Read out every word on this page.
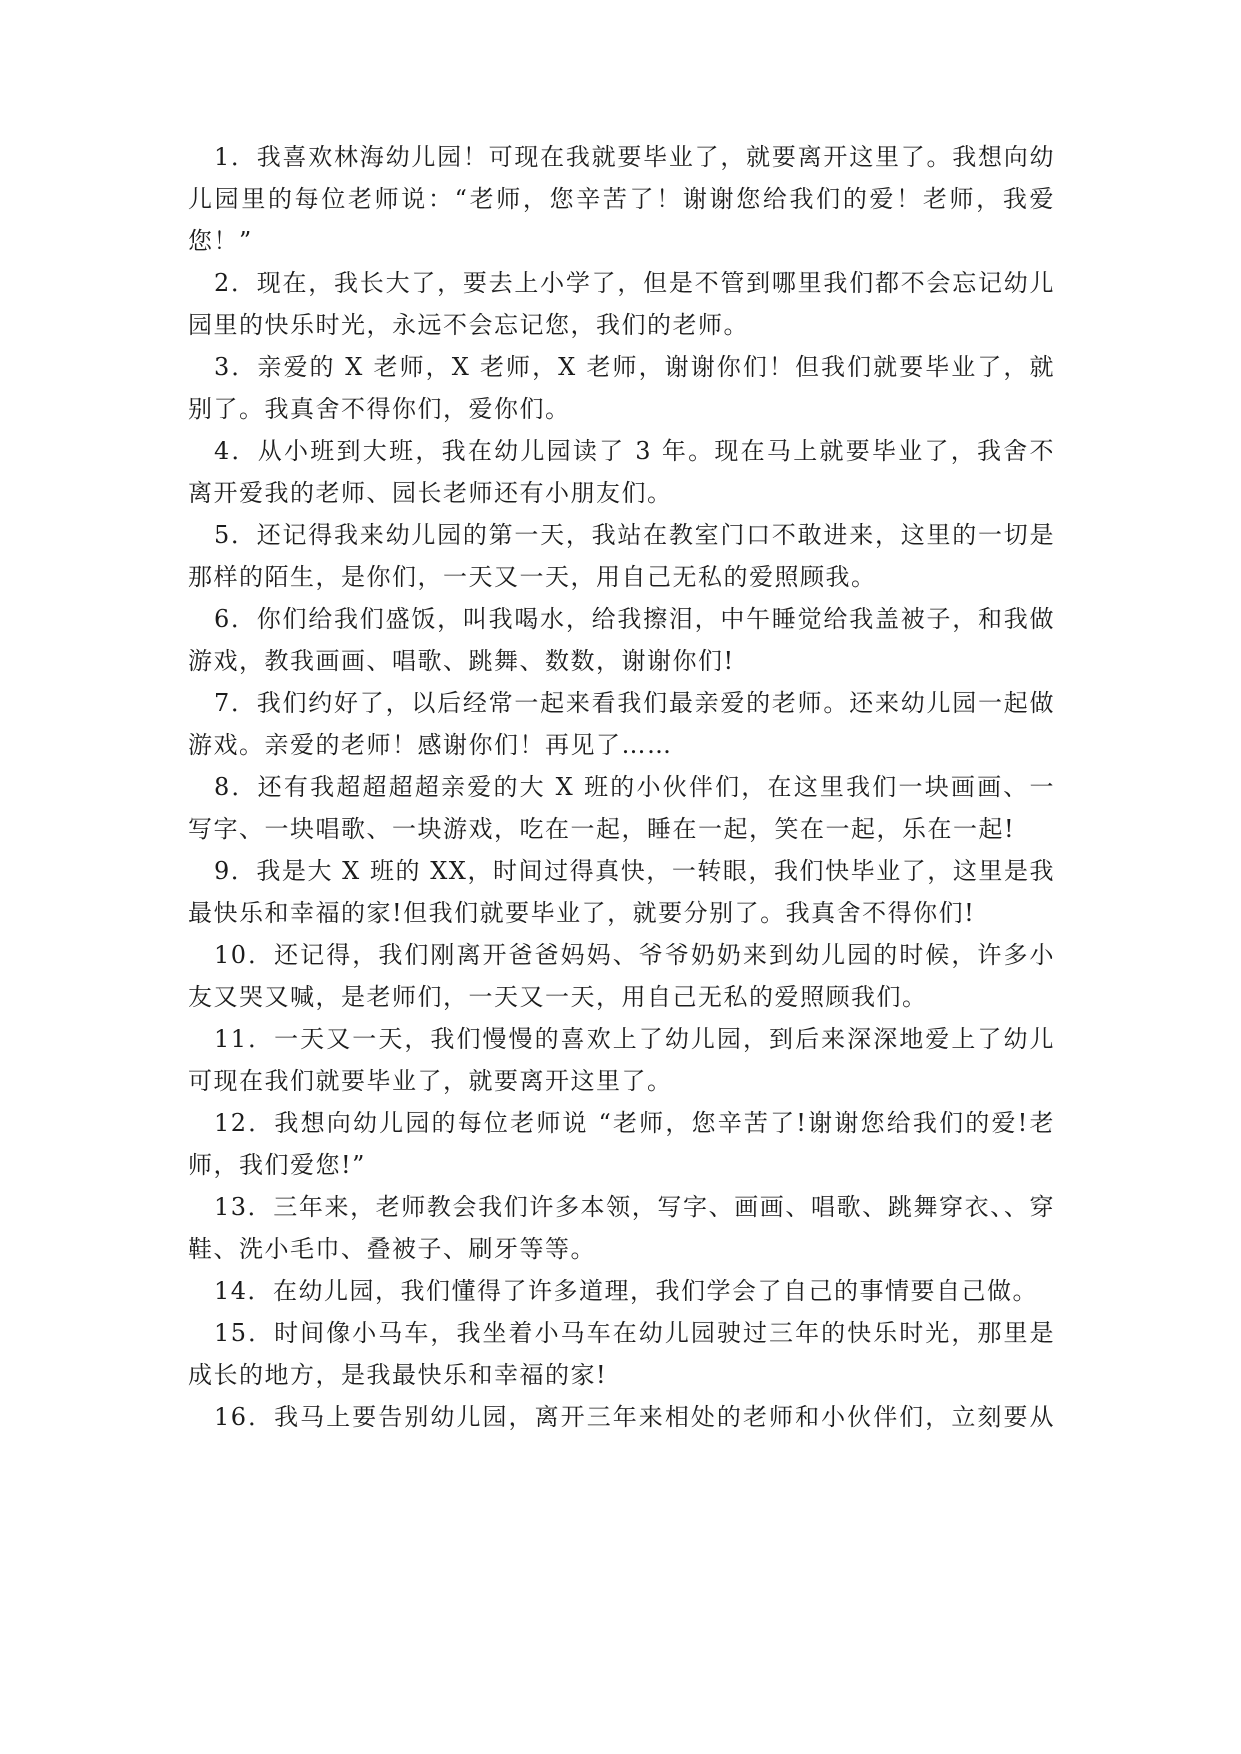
1．我喜欢林海幼儿园！可现在我就要毕业了，就要离开这里了。我想向幼
儿园里的每位老师说：“老师，您辛苦了！谢谢您给我们的爱！老师，我爱
您！”
2．现在，我长大了，要去上小学了，但是不管到哪里我们都不会忘记幼儿
园里的快乐时光，永远不会忘记您，我们的老师。
3．亲爱的 X 老师，X 老师，X 老师，谢谢你们！但我们就要毕业了，就
别了。我真舍不得你们，爱你们。
4．从小班到大班，我在幼儿园读了 3 年。现在马上就要毕业了，我舍不
离开爱我的老师、园长老师还有小朋友们。
5．还记得我来幼儿园的第一天，我站在教室门口不敢进来，这里的一切是
那样的陌生，是你们，一天又一天，用自己无私的爱照顾我。
6．你们给我们盛饭，叫我喝水，给我擦泪，中午睡觉给我盖被子，和我做
游戏，教我画画、唱歌、跳舞、数数，谢谢你们!
7．我们约好了，以后经常一起来看我们最亲爱的老师。还来幼儿园一起做
游戏。亲爱的老师！感谢你们！再见了……
8．还有我超超超超亲爱的大 X 班的小伙伴们，在这里我们一块画画、一
写字、一块唱歌、一块游戏，吃在一起，睡在一起，笑在一起，乐在一起!
9．我是大 X 班的 XX，时间过得真快，一转眼，我们快毕业了，这里是我
最快乐和幸福的家!但我们就要毕业了，就要分别了。我真舍不得你们!
10．还记得，我们刚离开爸爸妈妈、爷爷奶奶来到幼儿园的时候，许多小
友又哭又喊，是老师们，一天又一天，用自己无私的爱照顾我们。
11．一天又一天，我们慢慢的喜欢上了幼儿园，到后来深深地爱上了幼儿
可现在我们就要毕业了，就要离开这里了。
12．我想向幼儿园的每位老师说 “老师，您辛苦了!谢谢您给我们的爱!老
师，我们爱您!”
13．三年来，老师教会我们许多本领，写字、画画、唱歌、跳舞穿衣、、穿
鞋、洗小毛巾、叠被子、刷牙等等。
14．在幼儿园，我们懂得了许多道理，我们学会了自己的事情要自己做。
15．时间像小马车，我坐着小马车在幼儿园驶过三年的快乐时光，那里是
成长的地方，是我最快乐和幸福的家!
16．我马上要告别幼儿园，离开三年来相处的老师和小伙伴们，立刻要从
